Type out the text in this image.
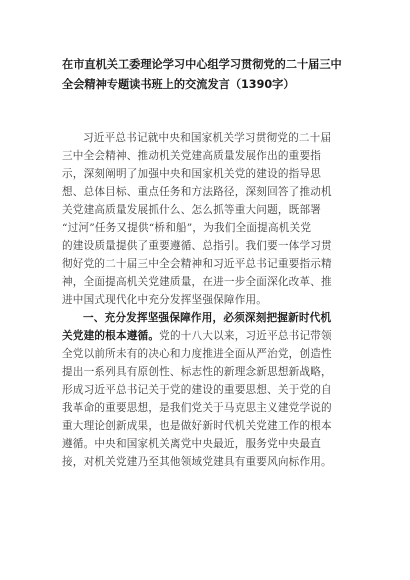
在市直机关工委理论学习中心组学习贯彻党的二十届三中
全会精神专题读书班上的交流发言（1390字）
习近平总书记就中央和国家机关学习贯彻党的二十届
三中全会精神、推动机关党建高质量发展作出的重要指
示，深刻阐明了加强中央和国家机关党的建设的指导思
想、总体目标、重点任务和方法路径，深刻回答了推动机
关党建高质量发展抓什么、怎么抓等重大问题，既部署
“过河”任务又提供“桥和船”，为我们全面提高机关党
的建设质量提供了重要遵循、总指引。我们要一体学习贯
彻好党的二十届三中全会精神和习近平总书记重要指示精
神，全面提高机关党建质量，在进一步全面深化改革、推
进中国式现代化中充分发挥坚强保障作用。
一、充分发挥坚强保障作用，必须深刻把握新时代机
关党建的根本遵循。党的十八大以来，习近平总书记带领
全党以前所未有的决心和力度推进全面从严治党，创造性
提出一系列具有原创性、标志性的新理念新思想新战略，
形成习近平总书记关于党的建设的重要思想、关于党的自
我革命的重要思想，是我们党关于马克思主义建党学说的
重大理论创新成果，也是做好新时代机关党建工作的根本
遵循。中央和国家机关离党中央最近，服务党中央最直
接，对机关党建乃至其他领域党建具有重要风向标作用。
